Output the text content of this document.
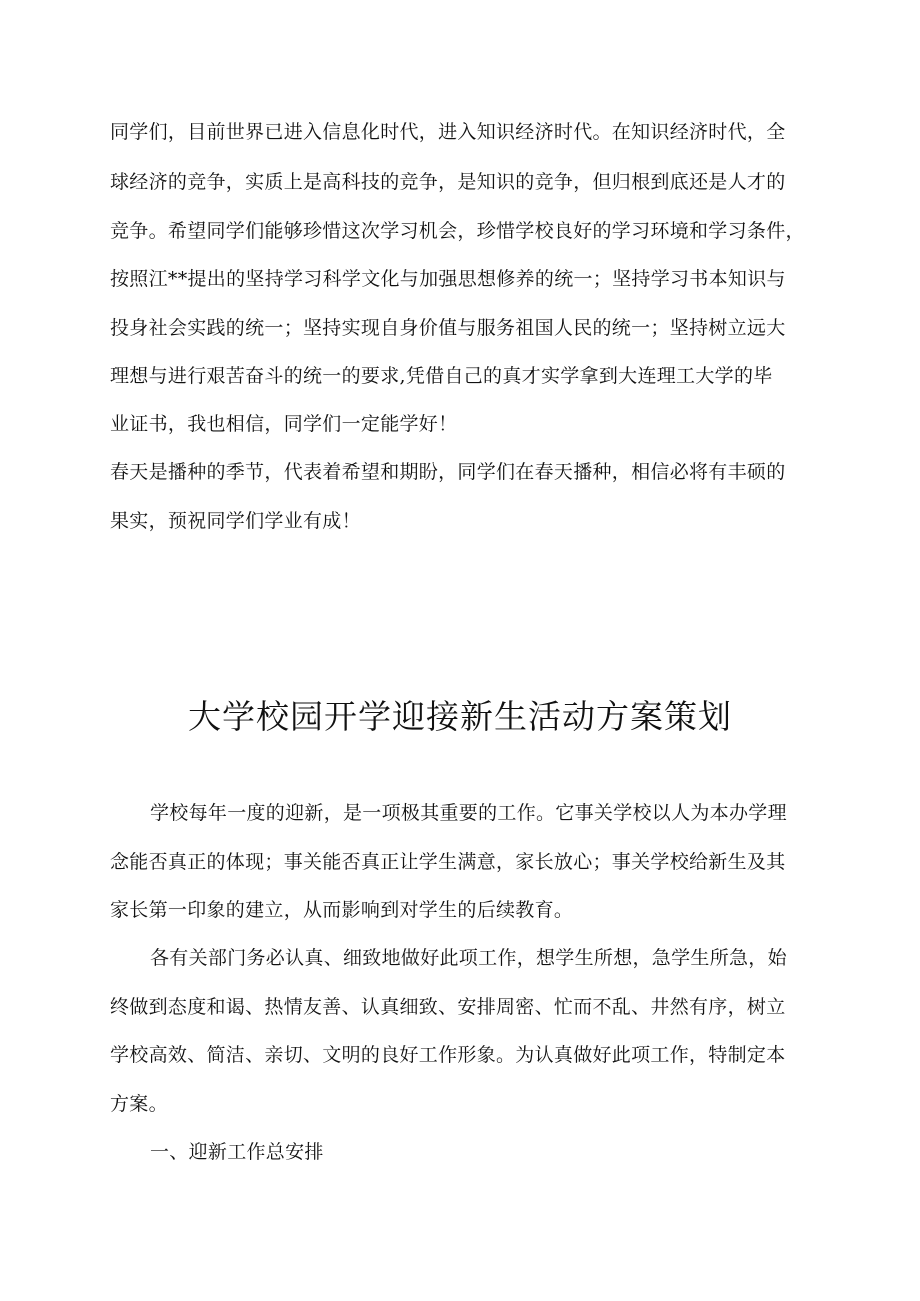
同学们，目前世界已进入信息化时代，进入知识经济时代。在知识经济时代，全
球经济的竞争，实质上是高科技的竞争，是知识的竞争，但归根到底还是人才的
竞争。希望同学们能够珍惜这次学习机会，珍惜学校良好的学习环境和学习条件，
按照江**提出的坚持学习科学文化与加强思想修养的统一；坚持学习书本知识与
投身社会实践的统一；坚持实现自身价值与服务祖国人民的统一；坚持树立远大
理想与进行艰苦奋斗的统一的要求,凭借自己的真才实学拿到大连理工大学的毕
业证书，我也相信，同学们一定能学好！
春天是播种的季节，代表着希望和期盼，同学们在春天播种，相信必将有丰硕的
果实，预祝同学们学业有成！
大学校园开学迎接新生活动方案策划
学校每年一度的迎新，是一项极其重要的工作。它事关学校以人为本办学理
念能否真正的体现；事关能否真正让学生满意，家长放心；事关学校给新生及其
家长第一印象的建立，从而影响到对学生的后续教育。
各有关部门务必认真、细致地做好此项工作，想学生所想，急学生所急，始
终做到态度和谒、热情友善、认真细致、安排周密、忙而不乱、井然有序，树立
学校高效、简洁、亲切、文明的良好工作形象。为认真做好此项工作，特制定本
方案。
一、迎新工作总安排
